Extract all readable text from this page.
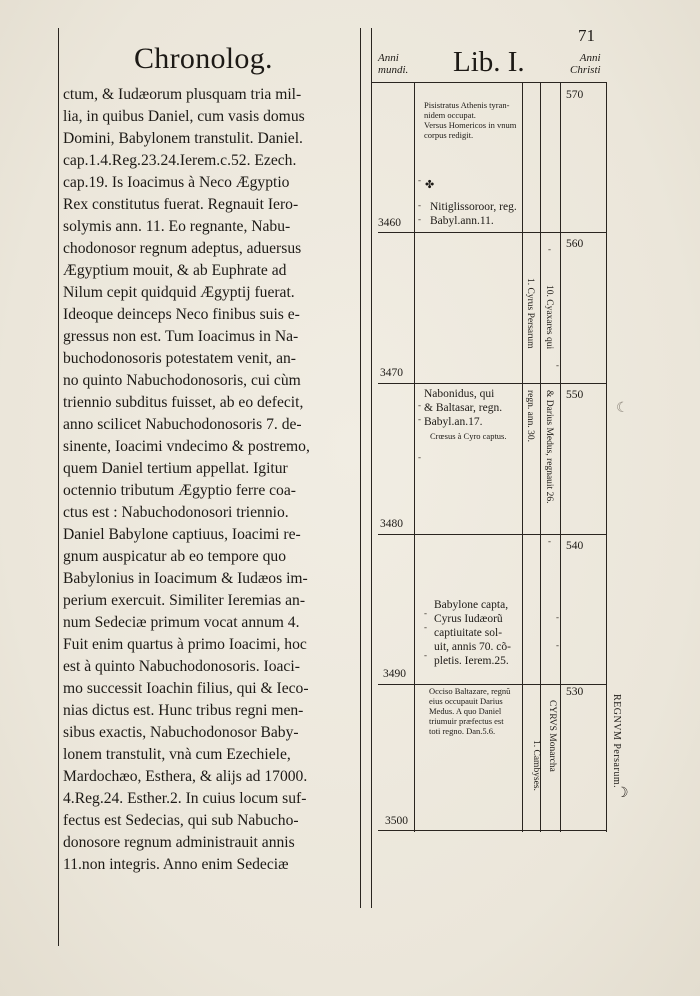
Chronolog.
ctum, & Iudæorum plusquam tria mil-
lia, in quibus Daniel, cum vasis domus
Domini, Babylonem transtulit. Daniel.
cap.1.4.Reg.23.24.Ierem.c.52. Ezech.
cap.19. Is Ioacimus à Neco Ægyptio
Rex constitutus fuerat. Regnauit Iero-
solymis ann. 11. Eo regnante, Nabu-
chodonosor regnum adeptus, aduersus
Ægyptium mouit, & ab Euphrate ad
Nilum cepit quidquid Ægyptij fuerat.
Ideoque deinceps Neco finibus suis e-
gressus non est. Tum Ioacimus in Na-
buchodonosoris potestatem venit, an-
no quinto Nabuchodonosoris, cui cùm
triennio subditus fuisset, ab eo defecit,
anno scilicet Nabuchodonosoris 7. de-
sinente, Ioacimi vndecimo & postremo,
quem Daniel tertium appellat. Igitur
octennio tributum Ægyptio ferre coa-
ctus est : Nabuchodonosori triennio.
Daniel Babylone captiuus, Ioacimi re-
gnum auspicatur ab eo tempore quo
Babylonius in Ioacimum & Iudæos im-
perium exercuit. Similiter Ieremias an-
num Sedeciæ primum vocat annum 4.
Fuit enim quartus à primo Ioacimi, hoc
est à quinto Nabuchodonosoris. Ioaci-
mo successit Ioachin filius, qui & Ieco-
nias dictus est. Hunc tribus regni men-
sibus exactis, Nabuchodonosor Baby-
lonem transtulit, vnà cum Ezechiele,
Mardochæo, Esthera, & alijs ad 17000.
4.Reg.24. Esther.2. In cuius locum suf-
fectus est Sedecias, qui sub Nabucho-
donosore regnum administrauit annis
11.non integris. Anno enim Sedeciæ
Anni
mundi. Lib. I.
71
Anni
Christi
Pisistratus Athenis tyran-
nidem occupat.
Versus Homericos in vnum
corpus redigit.
✤
Nitiglissoroor, reg.
Babyl.ann.11.
3460
570
1. Cyrus Persarum 10. Cyaxares qui
3470
560
Nabonidus, qui
& Baltasar, regn.
Babyl.an.17.
Crœsus à Cyro captus. regn. ann. 30. & Darius Medus, regnauit 26.
3480
550
Babylone capta,
Cyrus Iudæorũ
captiuitate sol-
uit, annis 70. cõ-
pletis. Ierem.25.
3490
540
Occiso Baltazare, regnũ
eius occupauit Darius
Medus. A quo Daniel
triumuir præfectus est
toti regno. Dan.5.6.
1. Cambyses. CYRVS Monarcha
3500
530
-
-
-
-
-
-
-
-
-
-
-
-
-
-
REGNVM Persarum.
☾
☽
